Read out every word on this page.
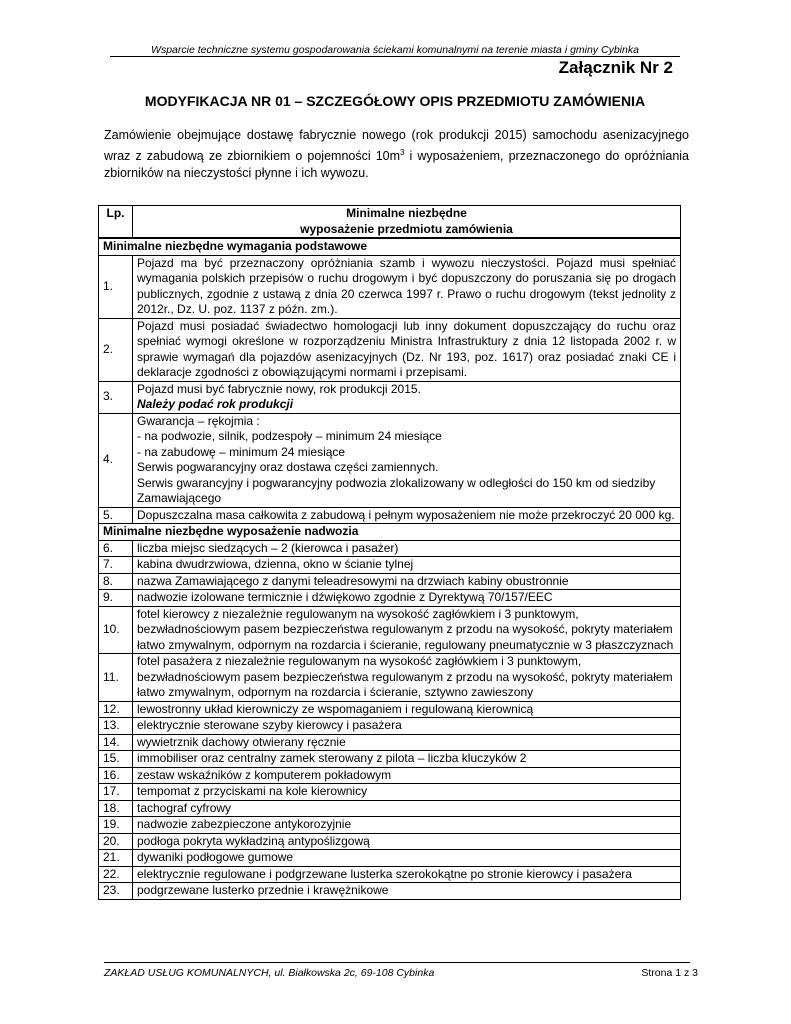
Wsparcie techniczne systemu gospodarowania ściekami komunalnymi na terenie miasta i gminy Cybinka
Załącznik Nr 2
MODYFIKACJA NR 01 – SZCZEGÓŁOWY OPIS PRZEDMIOTU ZAMÓWIENIA
Zamówienie obejmujące dostawę fabrycznie nowego (rok produkcji 2015) samochodu asenizacyjnego wraz z zabudową ze zbiornikiem o pojemności $10m^3$ i wyposażeniem, przeznaczonego do opróżniania zbiorników na nieczystości płynne i ich wywozu.
Lp.	Minimalne niezbędne
wyposażenie przedmiotu zamówienia

Minimalne niezbędne wymagania podstawowe	
1.	Pojazd ma być przeznaczony opróżniania szamb i wywozu nieczystości. Pojazd musi spełniać wymagania polskich przepisów o ruchu drogowym i być dopuszczony do poruszania się po drogach publicznych, zgodnie z ustawą z dnia 20 czerwca 1997 r. Prawo o ruchu drogowym (tekst jednolity z 2012r., Dz. U. poz. 1137 z późn. zm.).
2.	Pojazd musi posiadać świadectwo homologacji lub inny dokument dopuszczający do ruchu oraz spełniać wymogi określone w rozporządzeniu Ministra Infrastruktury z dnia 12 listopada 2002 r. w sprawie wymagań dla pojazdów asenizacyjnych (Dz. Nr 193, poz. 1617) oraz posiadać znaki CE i deklaracje zgodności z obowiązującymi normami i przepisami.
3.	Pojazd musi być fabrycznie nowy, rok produkcji 2015.
Należy podać rok produkcji

4.	Gwarancja – rękojmia :
- na podwozie, silnik, podzespoły – minimum 24 miesiące
- na zabudowę – minimum 24 miesiące
Serwis pogwarancyjny oraz dostawa części zamiennych.
Serwis gwarancyjny i pogwarancyjny podwozia zlokalizowany w odległości do 150 km od siedziby Zamawiającego

5.	Dopuszczalna masa całkowita z zabudową i pełnym wyposażeniem nie może przekroczyć 20 000 kg.
Minimalne niezbędne wyposażenie nadwozia	
6.	liczba miejsc siedzących – 2 (kierowca i pasażer)
7.	kabina dwudrzwiowa, dzienna, okno w ścianie tylnej
8.	nazwa Zamawiającego z danymi teleadresowymi na drzwiach kabiny obustronnie
9.	nadwozie izolowane termicznie i dźwiękowo zgodnie z Dyrektywą 70/157/EEC
10.	fotel kierowcy z niezależnie regulowanym na wysokość zagłówkiem i 3 punktowym, bezwładnościowym pasem bezpieczeństwa regulowanym z przodu na wysokość, pokryty materiałem łatwo zmywalnym, odpornym na rozdarcia i ścieranie, regulowany pneumatycznie w 3 płaszczyznach
11.	fotel pasażera z niezależnie regulowanym na wysokość zagłówkiem i 3 punktowym, bezwładnościowym pasem bezpieczeństwa regulowanym z przodu na wysokość, pokryty materiałem łatwo zmywalnym, odpornym na rozdarcia i ścieranie, sztywno zawieszony
12.	lewostronny układ kierowniczy ze wspomaganiem i regulowaną kierownicą
13.	elektrycznie sterowane szyby kierowcy i pasażera
14.	wywietrznik dachowy otwierany ręcznie
15.	immobiliser oraz centralny zamek sterowany z pilota – liczba kluczyków 2
16.	zestaw wskaźników z komputerem pokładowym
17.	tempomat z przyciskami na kole kierownicy
18.	tachograf cyfrowy
19.	nadwozie zabezpieczone antykorozyjnie
20.	podłoga pokryta wykładziną antypoślizgową
21.	dywaniki podłogowe gumowe
22.	elektrycznie regulowane i podgrzewane lusterka szerokokątne po stronie kierowcy i pasażera
23.	podgrzewane lusterko przednie i krawężnikowe
ZAKŁAD USŁUG KOMUNALNYCH, ul. Białkowska 2c, 69-108 Cybinka	Strona 1 z 3
